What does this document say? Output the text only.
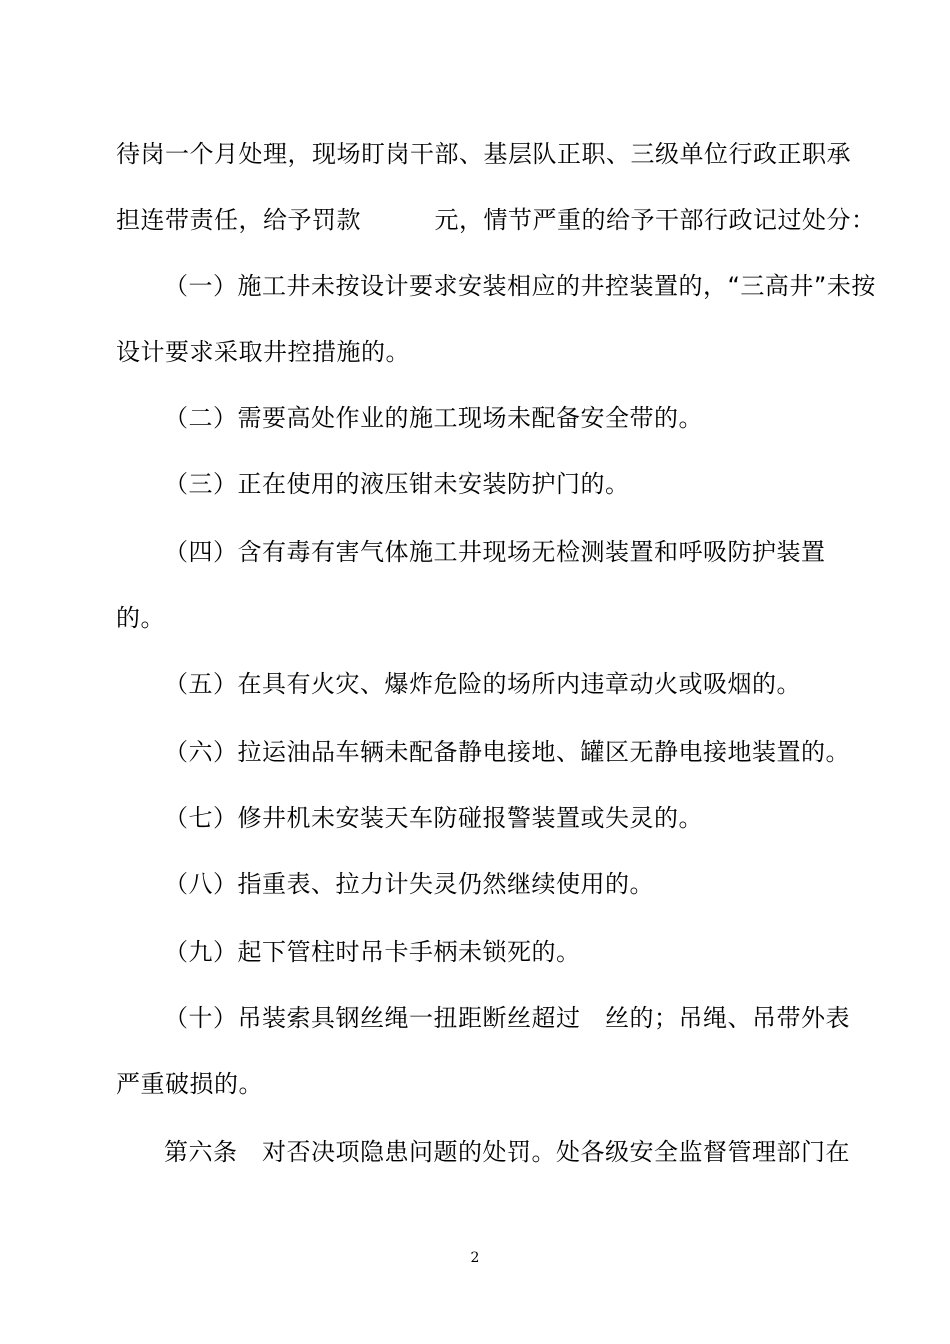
待岗一个月处理，现场盯岗干部、基层队正职、三级单位行政正职承
担连带责任，给予罚款　　　元，情节严重的给予干部行政记过处分：
（一）施工井未按设计要求安装相应的井控装置的，“三高井”未按
设计要求采取井控措施的。
（二）需要高处作业的施工现场未配备安全带的。
（三）正在使用的液压钳未安装防护门的。
（四）含有毒有害气体施工井现场无检测装置和呼吸防护装置
的。
（五）在具有火灾、爆炸危险的场所内违章动火或吸烟的。
（六）拉运油品车辆未配备静电接地、罐区无静电接地装置的。
（七）修井机未安装天车防碰报警装置或失灵的。
（八）指重表、拉力计失灵仍然继续使用的。
（九）起下管柱时吊卡手柄未锁死的。
（十）吊装索具钢丝绳一扭距断丝超过　丝的；吊绳、吊带外表
严重破损的。
第六条　对否决项隐患问题的处罚。处各级安全监督管理部门在
2
